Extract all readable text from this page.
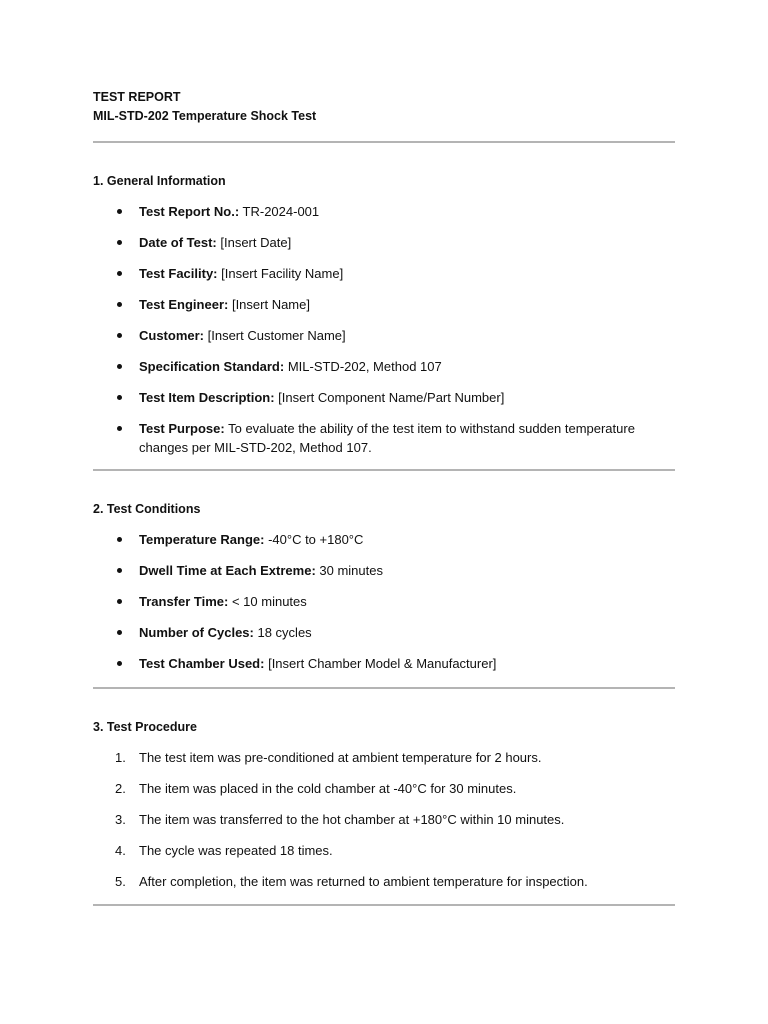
TEST REPORT
MIL-STD-202 Temperature Shock Test
1. General Information
Test Report No.: TR-2024-001
Date of Test: [Insert Date]
Test Facility: [Insert Facility Name]
Test Engineer: [Insert Name]
Customer: [Insert Customer Name]
Specification Standard: MIL-STD-202, Method 107
Test Item Description: [Insert Component Name/Part Number]
Test Purpose: To evaluate the ability of the test item to withstand sudden temperature changes per MIL-STD-202, Method 107.
2. Test Conditions
Temperature Range: -40°C to +180°C
Dwell Time at Each Extreme: 30 minutes
Transfer Time: < 10 minutes
Number of Cycles: 18 cycles
Test Chamber Used: [Insert Chamber Model & Manufacturer]
3. Test Procedure
1. The test item was pre-conditioned at ambient temperature for 2 hours.
2. The item was placed in the cold chamber at -40°C for 30 minutes.
3. The item was transferred to the hot chamber at +180°C within 10 minutes.
4. The cycle was repeated 18 times.
5. After completion, the item was returned to ambient temperature for inspection.
